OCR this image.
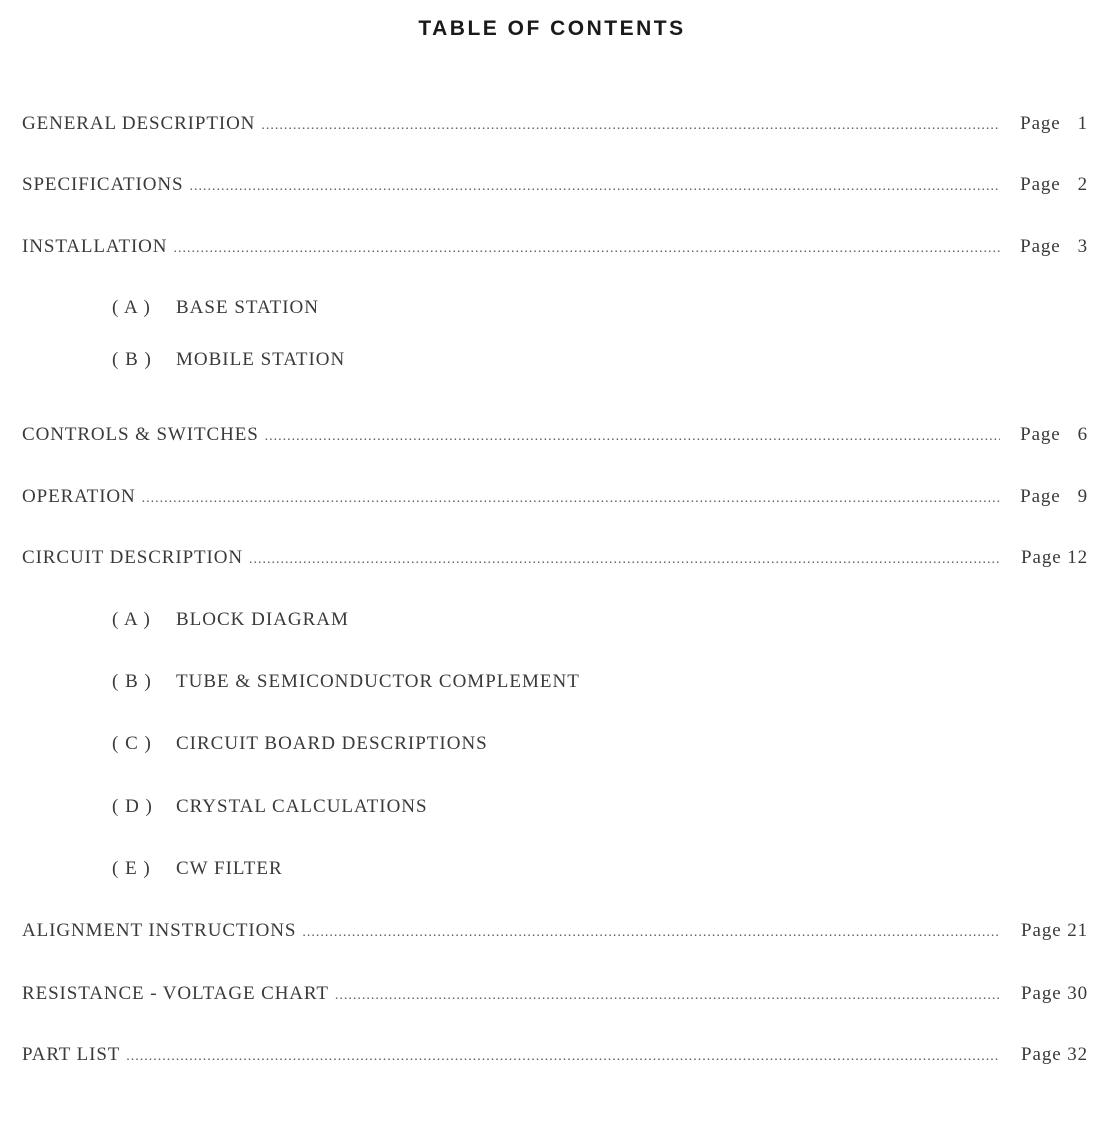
TABLE OF CONTENTS
GENERAL DESCRIPTION .....	Page   1
SPECIFICATIONS .....	Page   2
INSTALLATION .....	Page   3
( A ) BASE STATION
( B ) MOBILE STATION
CONTROLS & SWITCHES .....	Page   6
OPERATION .....	Page   9
CIRCUIT DESCRIPTION .....	Page 12
( A ) BLOCK DIAGRAM
( B ) TUBE & SEMICONDUCTOR COMPLEMENT
( C ) CIRCUIT BOARD DESCRIPTIONS
( D ) CRYSTAL CALCULATIONS
( E ) CW FILTER
ALIGNMENT INSTRUCTIONS .....	Page 21
RESISTANCE - VOLTAGE CHART .....	Page 30
PART LIST .....	Page 32
